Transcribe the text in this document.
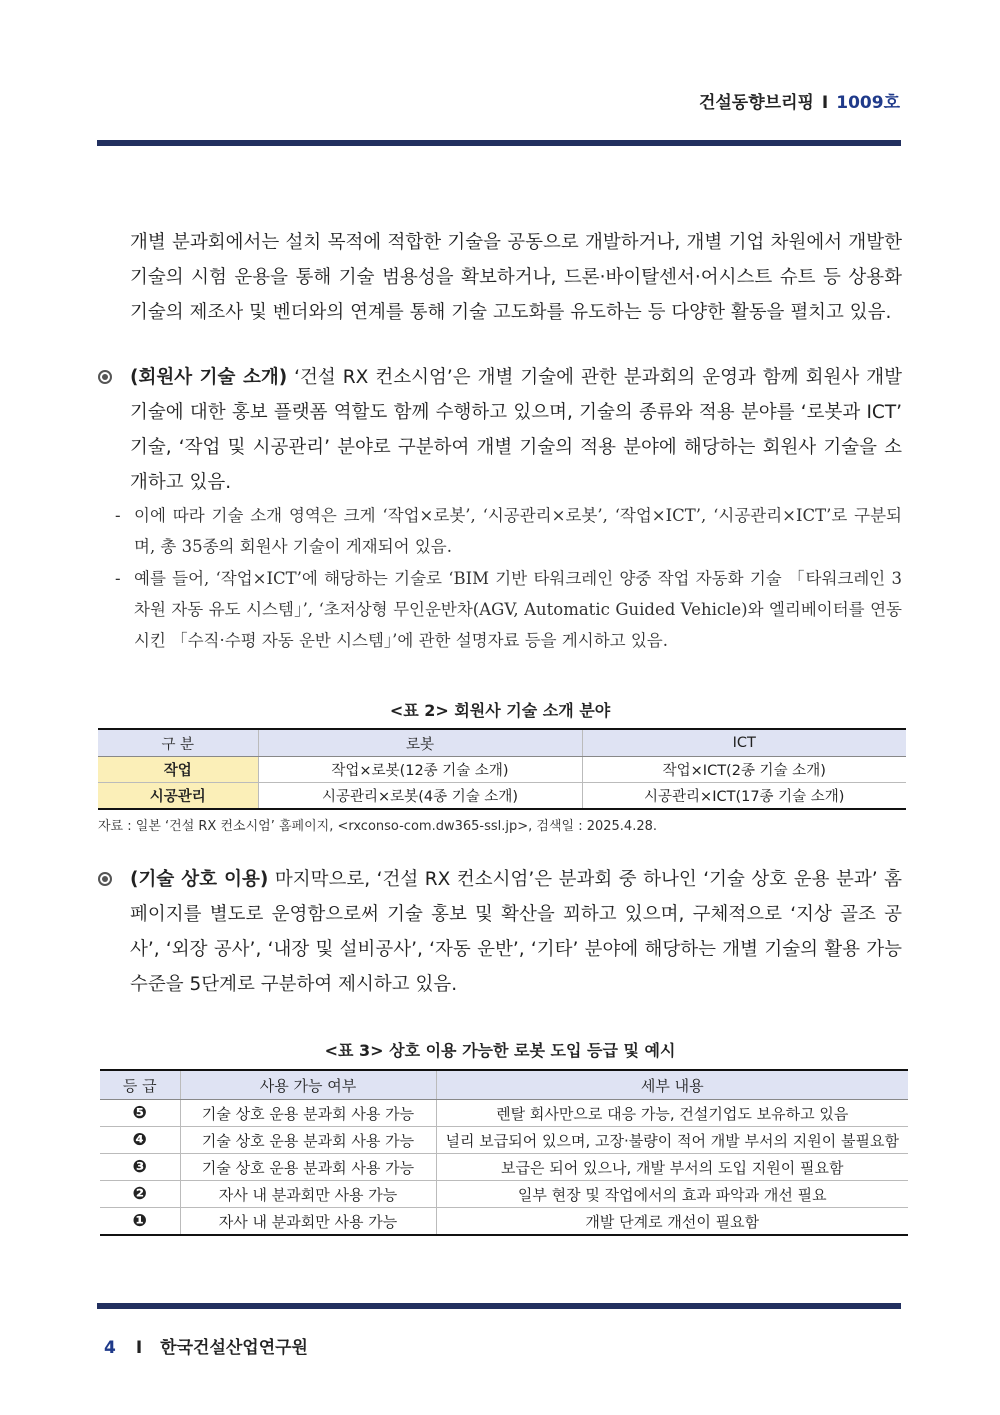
건설동향브리핑 I 1009호
개별 분과회에서는 설치 목적에 적합한 기술을 공동으로 개발하거나, 개별 기업 차원에서 개발한 기술의 시험 운용을 통해 기술 범용성을 확보하거나, 드론·바이탈센서·어시스트 슈트 등 상용화 기술의 제조사 및 벤더와의 연계를 통해 기술 고도화를 유도하는 등 다양한 활동을 펼치고 있음.
(회원사 기술 소개) ‘건설 RX 컨소시엄’은 개별 기술에 관한 분과회의 운영과 함께 회원사 개발 기술에 대한 홍보 플랫폼 역할도 함께 수행하고 있으며, 기술의 종류와 적용 분야를 ‘로봇과 ICT’ 기술, ‘작업 및 시공관리’ 분야로 구분하여 개별 기술의 적용 분야에 해당하는 회원사 기술을 소개하고 있음.
- 이에 따라 기술 소개 영역은 크게 ‘작업×로봇’, ‘시공관리×로봇’, ‘작업×ICT’, ‘시공관리×ICT’로 구분되며, 총 35종의 회원사 기술이 게재되어 있음.
- 예를 들어, ‘작업×ICT’에 해당하는 기술로 ‘BIM 기반 타워크레인 양중 작업 자동화 기술 「타워크레인 3차원 자동 유도 시스템」’, ‘초저상형 무인운반차(AGV, Automatic Guided Vehicle)와 엘리베이터를 연동시킨 「수직·수평 자동 운반 시스템」’에 관한 설명자료 등을 게시하고 있음.
<표 2> 회원사 기술 소개 분야
구 분	로봇	ICT
작업	작업×로봇(12종 기술 소개)	작업×ICT(2종 기술 소개)
시공관리	시공관리×로봇(4종 기술 소개)	시공관리×ICT(17종 기술 소개)
자료 : 일본 ‘건설 RX 컨소시엄’ 홈페이지, <rxconso-com.dw365-ssl.jp>, 검색일 : 2025.4.28.
(기술 상호 이용) 마지막으로, ‘건설 RX 컨소시엄’은 분과회 중 하나인 ‘기술 상호 운용 분과’ 홈페이지를 별도로 운영함으로써 기술 홍보 및 확산을 꾀하고 있으며, 구체적으로 ‘지상 골조 공사’, ‘외장 공사’, ‘내장 및 설비공사’, ‘자동 운반’, ‘기타’ 분야에 해당하는 개별 기술의 활용 가능 수준을 5단계로 구분하여 제시하고 있음.
<표 3> 상호 이용 가능한 로봇 도입 등급 및 예시
등 급	사용 가능 여부	세부 내용
❺	기술 상호 운용 분과회 사용 가능	렌탈 회사만으로 대응 가능, 건설기업도 보유하고 있음
❹	기술 상호 운용 분과회 사용 가능	널리 보급되어 있으며, 고장·불량이 적어 개발 부서의 지원이 불필요함
❸	기술 상호 운용 분과회 사용 가능	보급은 되어 있으나, 개발 부서의 도입 지원이 필요함
❷	자사 내 분과회만 사용 가능	일부 현장 및 작업에서의 효과 파악과 개선 필요
❶	자사 내 분과회만 사용 가능	개발 단계로 개선이 필요함
4 I 한국건설산업연구원
